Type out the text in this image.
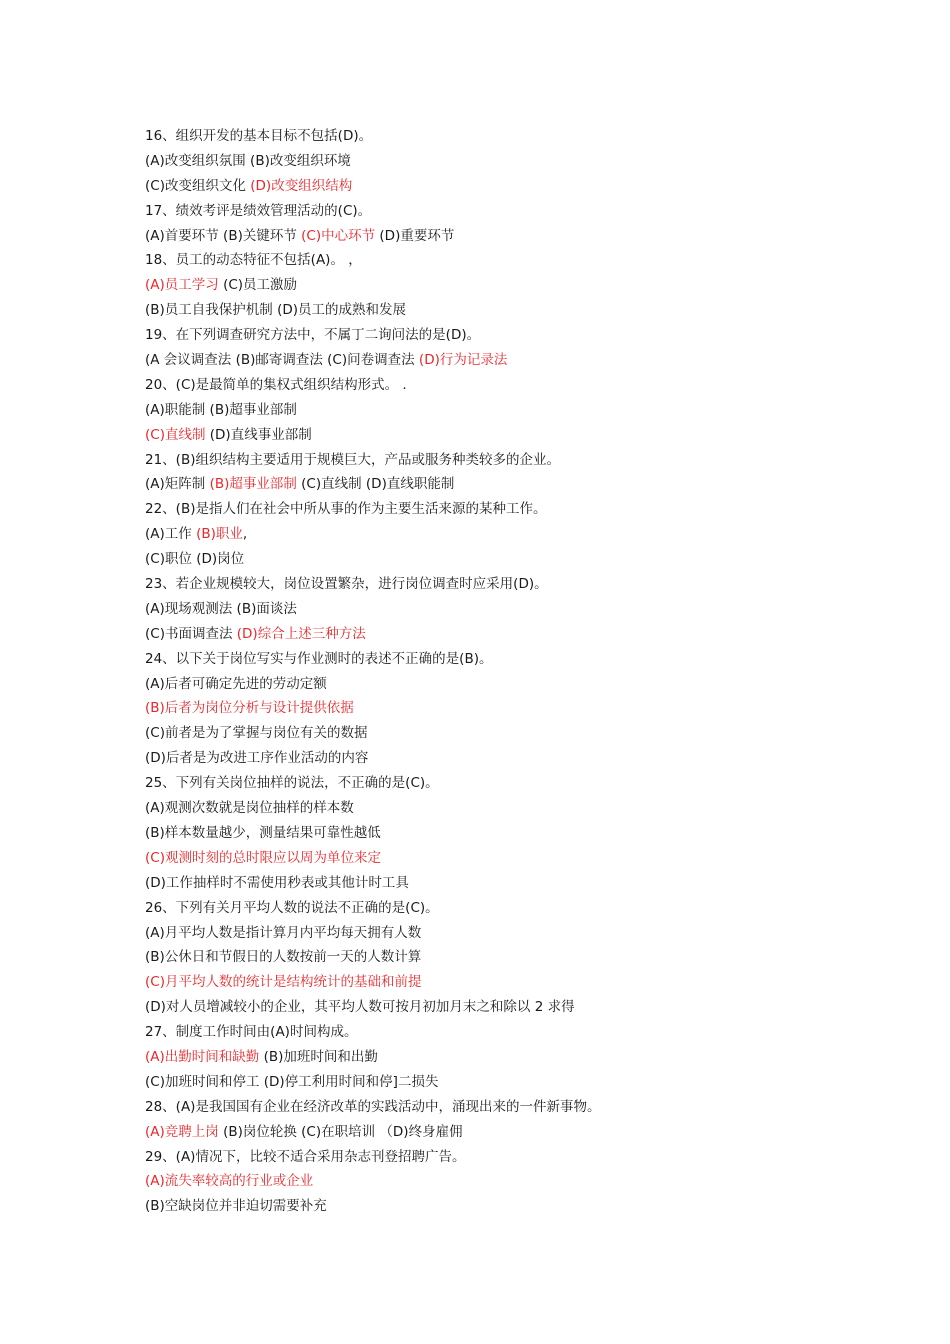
16、组织开发的基本目标不包括(D)。
(A)改变组织氛围 (B)改变组织环境
(C)改变组织文化 (D)改变组织结构
17、绩效考评是绩效管理活动的(C)。
(A)首要环节 (B)关键环节 (C)中心环节 (D)重要环节
18、员工的动态特征不包括(A)。 ，
(A)员工学习 (C)员工激励
(B)员工自我保护机制 (D)员工的成熟和发展
19、在下列调查研究方法中，不属丁二询问法的是(D)。
(A 会议调查法 (B)邮寄调查法 (C)问卷调查法 (D)行为记录法
20、(C)是最简单的集权式组织结构形式。 .
(A)职能制 (B)超事业部制
(C)直线制 (D)直线事业部制
21、(B)组织结构主要适用于规模巨大，产品或服务种类较多的企业。
(A)矩阵制 (B)超事业部制 (C)直线制 (D)直线职能制
22、(B)是指人们在社会中所从事的作为主要生活来源的某种工作。
(A)工作 (B)职业,
(C)职位 (D)岗位
23、若企业规模较大，岗位设置繁杂，进行岗位调查时应采用(D)。
(A)现场观测法 (B)面谈法
(C)书面调查法 (D)综合上述三种方法
24、以下关于岗位写实与作业测时的表述不正确的是(B)。
(A)后者可确定先进的劳动定额
(B)后者为岗位分析与设计提供依据
(C)前者是为了掌握与岗位有关的数据
(D)后者是为改进工序作业活动的内容
25、下列有关岗位抽样的说法，不正确的是(C)。
(A)观测次数就是岗位抽样的样本数
(B)样本数量越少，测量结果可靠性越低
(C)观测时刻的总时限应以周为单位来定
(D)工作抽样时不需使用秒表或其他计时工具
26、下列有关月平均人数的说法不正确的是(C)。
(A)月平均人数是指计算月内平均每天拥有人数
(B)公休日和节假日的人数按前一天的人数计算
(C)月平均人数的统计是结构统计的基础和前提
(D)对人员增减较小的企业，其平均人数可按月初加月末之和除以 2 求得
27、制度工作时间由(A)时间构成。
(A)出勤时间和缺勤 (B)加班时间和出勤
(C)加班时间和停工 (D)停工利用时间和停]二损失
28、(A)是我国国有企业在经济改革的实践活动中，涌现出来的一件新事物。
(A)竞聘上岗 (B)岗位轮换 (C)在职培训 （D)终身雇佣
29、(A)情况下，比较不适合采用杂志刊登招聘广告。
(A)流失率较高的行业或企业
(B)空缺岗位并非迫切需要补充
